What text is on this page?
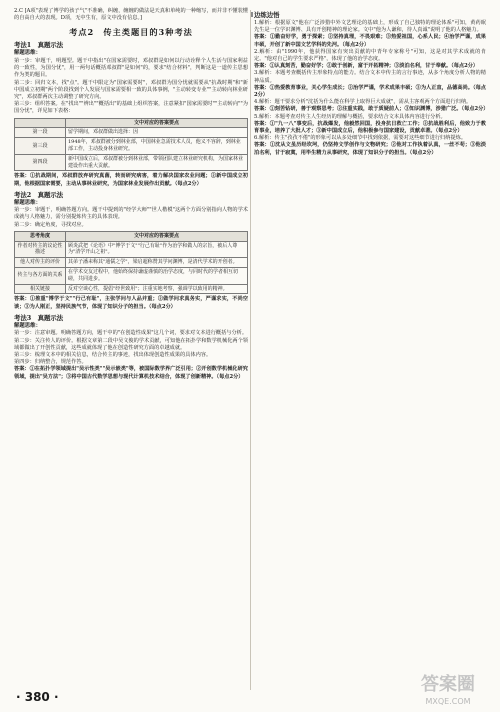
2.C [A项"表现了博学的孩子气"不准确，纠缠，缠缠的做法是天真和单纯的一种缩写，而并非不懂装懂的自高自大的表现。D项，无中生有，原文中没有信息。]

考点2　传主类题目的3种考法
考法1　真题示法

解题思维：

第一步：审题干，明题型。题干中指出"在国家需要时，邓叔群是如何以行动诠释个人生活与国家利益的一致性，为国分忧"，用一两句话概括邓叔群"是如何"的，要求"结合材料"，判断这是一道传主思想作为类的题目。

第二步：回归文本，找"点"。题干中限定为"国家需要时"，邓叔群为国分忧就需要从"抗战时期"和"新中国成立初期"两个阶段找到个人发展与国家需要相一致的具体事例，"主动转变专业""主动转向林业研究"，邓叔群两次主动调整了研究方向。

第三步：组织答案。在"找出""辨出""概括出"的基础上组织答案，注意紧扣"国家需要时""主动转向""为国分忧"，详见如下表格：

	文中对应的答案要点
第一段	留学期间，邓叔群做出选择：因
第三段	1948年，邓叔群被分到林业部，中国林业急需技术人员，他义不容辞，到林业部工作，主动投身林业研究。
第四段	新中国成立后，邓叔群被分到林业部，带领团队建立林业研究机构，为国家林业建设作出重大贡献。

答案：①抗战期间，邓叔群放弃研究真菌，转而研究病害，着力解决国家农业问题；②新中国成立初期，他根据国家需要，主动从事林业研究，为国家林业发展作出贡献。（每点2分）

考法2　真题示法

解题思维：

第一步：审题干，明确答题方向。题干中提到的"经学大师""世人楷模"这两个方面分别指向人物的学术成就与人格魅力，需分别提炼传主的具体表现。

第二步：确定角度，寻找对应。

思考角度	文中对应的答案要点
作者对传主的议论性描述	顾炎武把《论语》中"博学于文""行己有耻"作为治学和做人的宗旨，被后人尊为"清学开山之祖"。
他人对传主的评价	其弟子潘耒称其"通儒之学"，梁启超称赞其学问渊博，是清代学术的开创者。
传主与各方面的关系	在学术交友过程中，他始终保持谦虚谨慎的治学态度，与同时代的学者相互切磋，共同进步。
相关链接	反对空谈心性，提倡"经世致用"；注重实地考察，强调学以致用的精神。

答案：①推重"博学于文""行己有耻"，主张学问与人品并重；②做学问求真务实，严谨求实，不尚空谈；③为人刚正，坚持民族气节，体现了知识分子的担当。（每点2分）

考法3　真题示法

解题思维：

第一步：注意审题。明确答题方向，题干中的"在创造性成果"这几个词，要求对文本进行概括与分析。

第二步：关注传人的评价。根据文章第二段中吴文俊的学术贡献，可知他在拓扑学和数学机械化两个领域都做出了开创性贡献，这些成就体现了他在创造性研究方面的卓越成就。

第三步：梳理文本中的相关信息，结合传主的事迹，找出体现创造性成果的具体内容。

第四步：归纳整合，规范作答。

答案：①在拓扑学领域提出"吴示性类""吴示嵌类"等，被国际数学界广泛引用；②开创数学机械化研究领域，提出"吴方法"；③将中国古代数学思想与现代计算机技术结合，体现了创新精神。（每点2分）

边练边悟

1.解析：根据原文"他在广泛涉猎中外文艺理论的基础上，形成了自己独特的理论体系"可知，黄药眠先生是一位学识渊博、具有开创精神的理论家。文中"他为人谦和，待人真诚"说明了他的人格魅力。

答案：①勤奋好学，勇于探索；②坚持真理，不畏艰难；③热爱祖国，心系人民；④治学严谨，成果丰硕，开创了新中国文艺学科的先河。（每点2分）

2.解析：由"1990年，他获得国家有突出贡献的中青年专家称号"可知，这是对其学术成就的肯定。"他对自己的学生要求严格"，体现了他的治学态度。

答案：①认真刻苦，勤奋好学；②敢于创新，富于开拓精神；③淡泊名利，甘于奉献。（每点2分）

3.解析：本题考查概括传主形象特点的能力。结合文本中传主的言行事迹，从多个角度分析人物的精神品质。

答案：①热爱教育事业，关心学生成长；②治学严谨，学术成果丰硕；③为人正直，品德高尚。（每点2分）

4.解析：题干要求分析"沈括为什么能在科学上取得巨大成就"，需从主客观两个方面进行归纳。

答案：①刻苦钻研，善于观察思考；②注重实践，敢于质疑前人；③知识渊博，涉猎广泛。（每点2分）

5.解析：本题考查对传主人生经历的理解与概括，要求结合文本具体内容进行分析。

答案：①"九一八"事变后，抗战爆发，他毅然回国，投身抗日救亡工作；②抗战胜利后，他致力于教育事业，培养了大批人才；③新中国成立后，他积极参与国家建设，贡献卓著。（每点2分）

6.解析：传主"孜孜不倦"的形象可以从多处细节中找到依据，需要对这些细节进行归纳提炼。

答案：①沈从文虽历经坎坷，仍坚持文学创作与文物研究；②他对工作执着认真，一丝不苟；③他淡泊名利，甘于寂寞，用毕生精力从事研究，体现了知识分子的担当。（每点2分）

· 380 ·
答案圈
MXQE.COM
